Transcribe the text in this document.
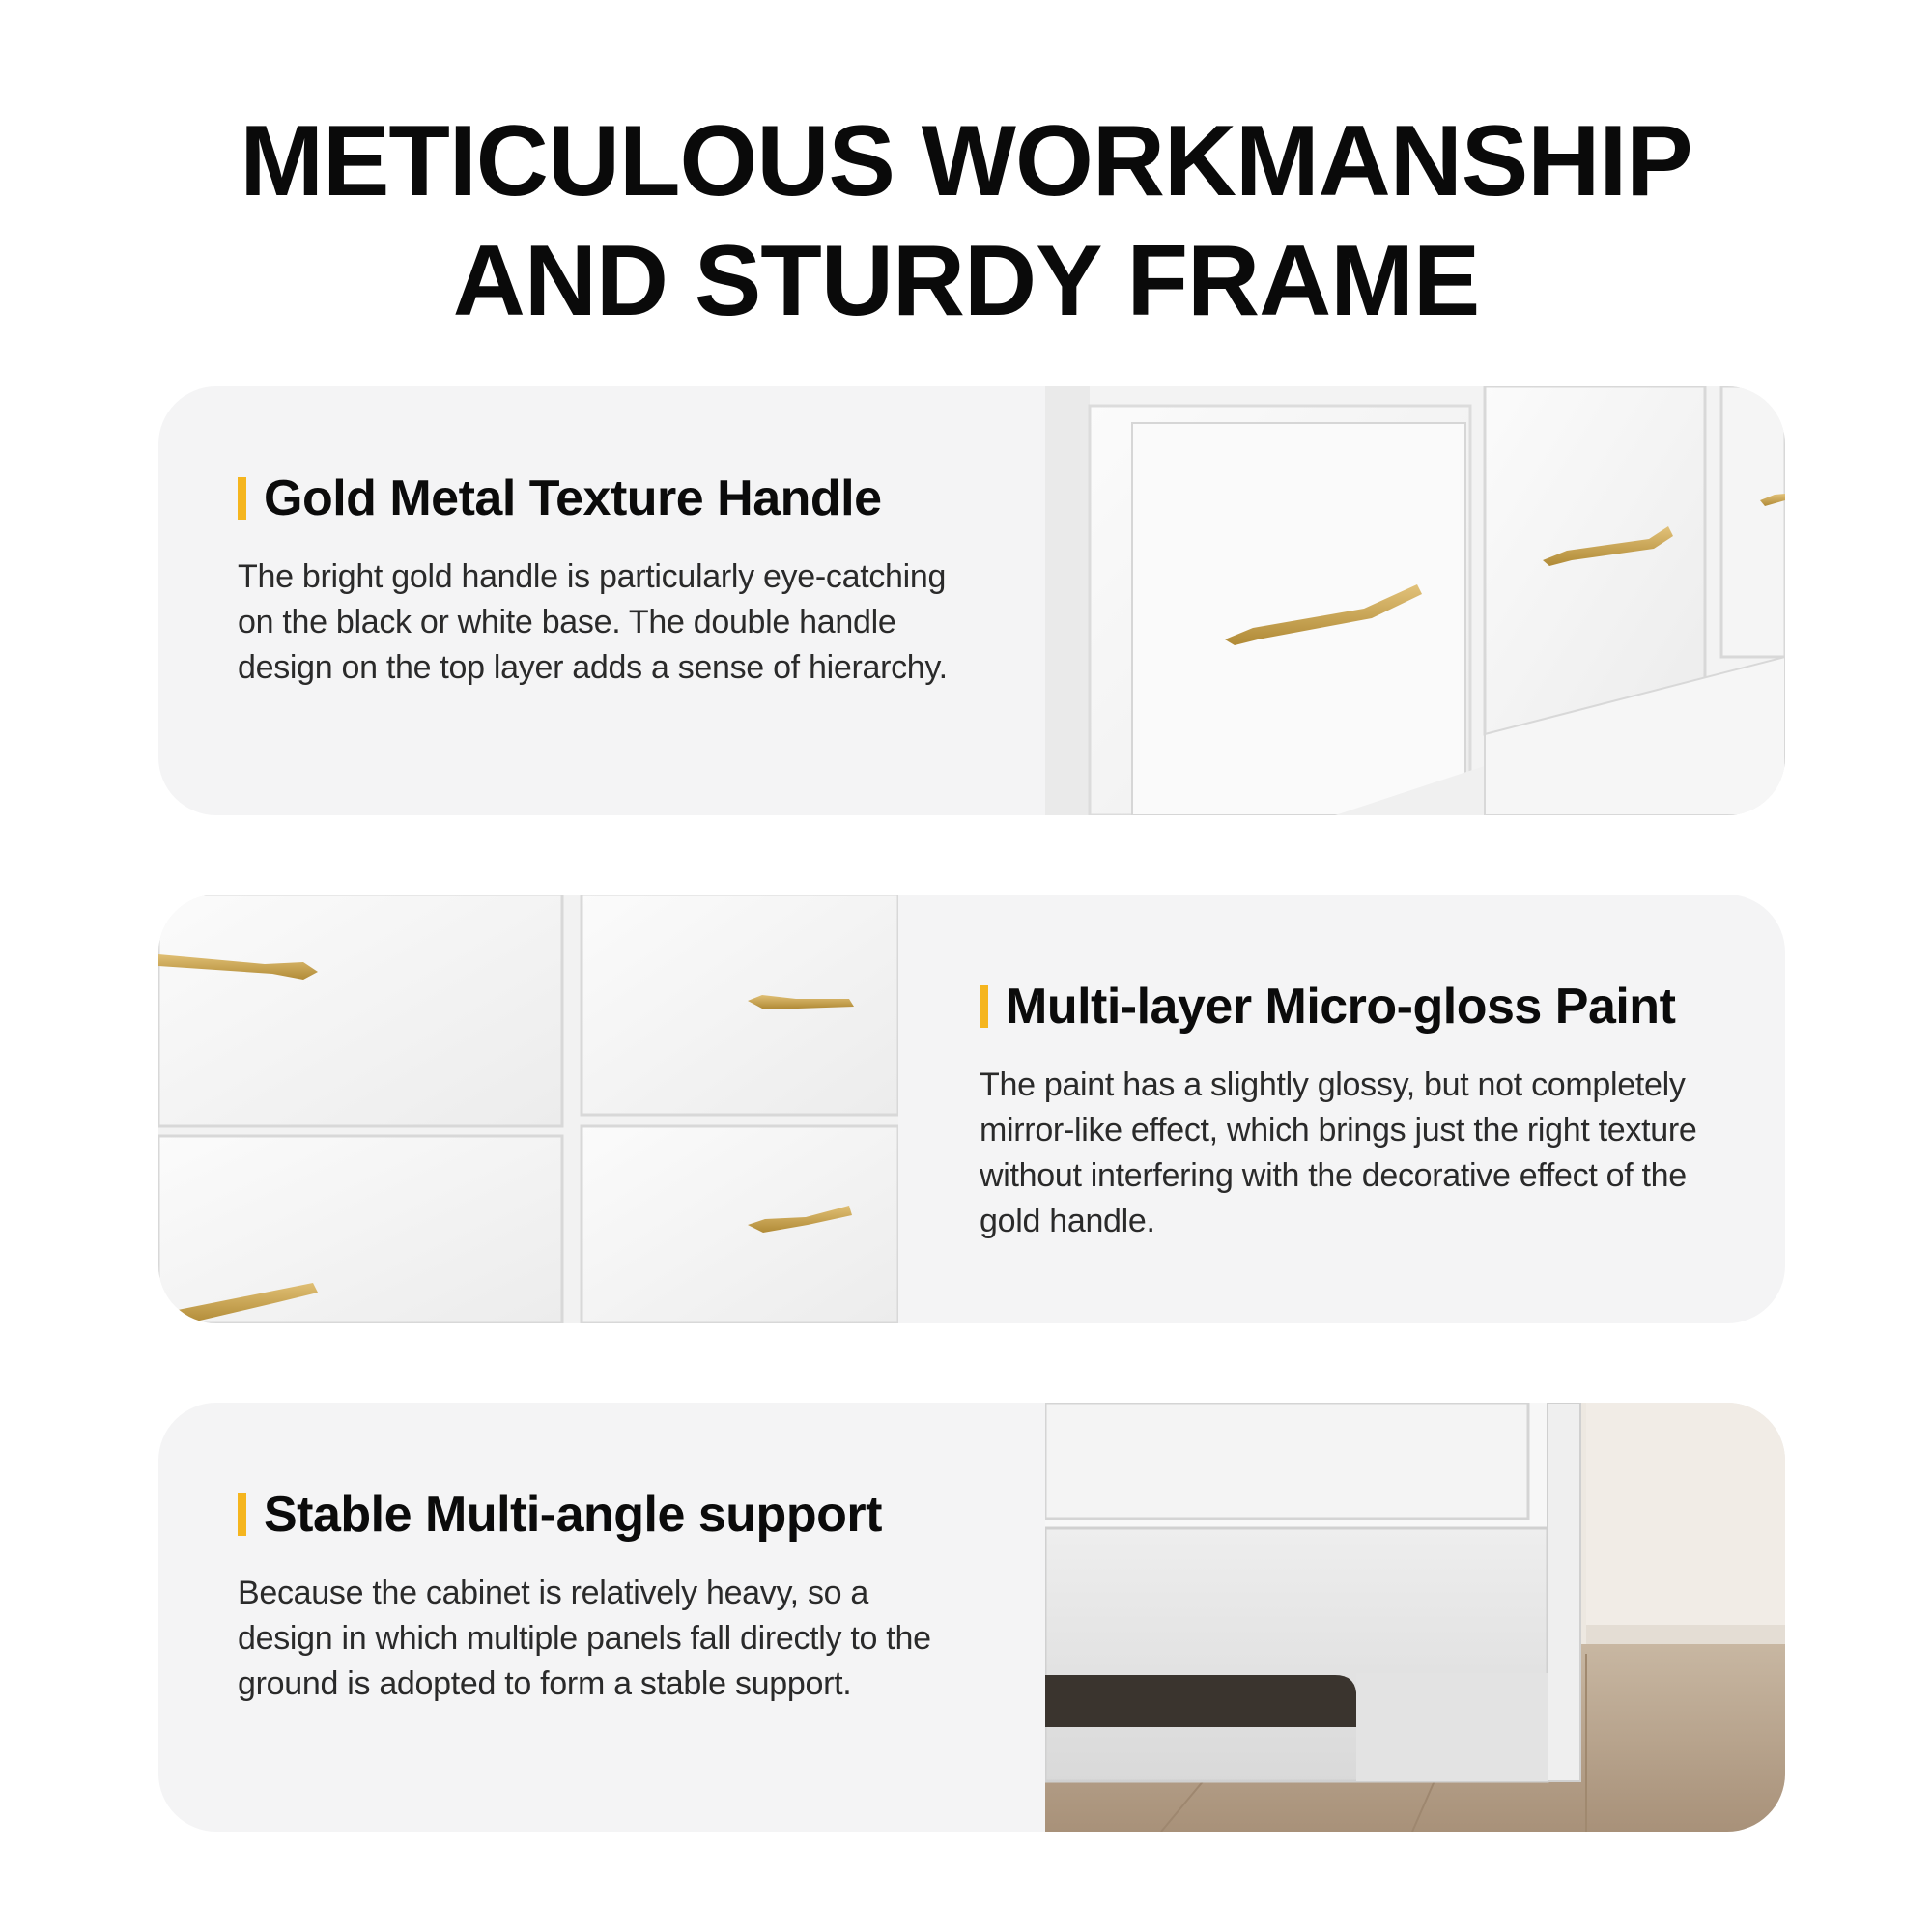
METICULOUS WORKMANSHIP
AND STURDY FRAME
Gold Metal Texture Handle

The bright gold handle is particularly eye-catching on the black or white base. The double handle design on the top layer adds a sense of hierarchy.

Multi-layer Micro-gloss Paint

The paint has a slightly glossy, but not completely mirror-like effect, which brings just the right texture without interfering with the decorative effect of the gold handle.

Stable Multi-angle support

Because the cabinet is relatively heavy, so a design in which multiple panels fall directly to the ground is adopted to form a stable support.
